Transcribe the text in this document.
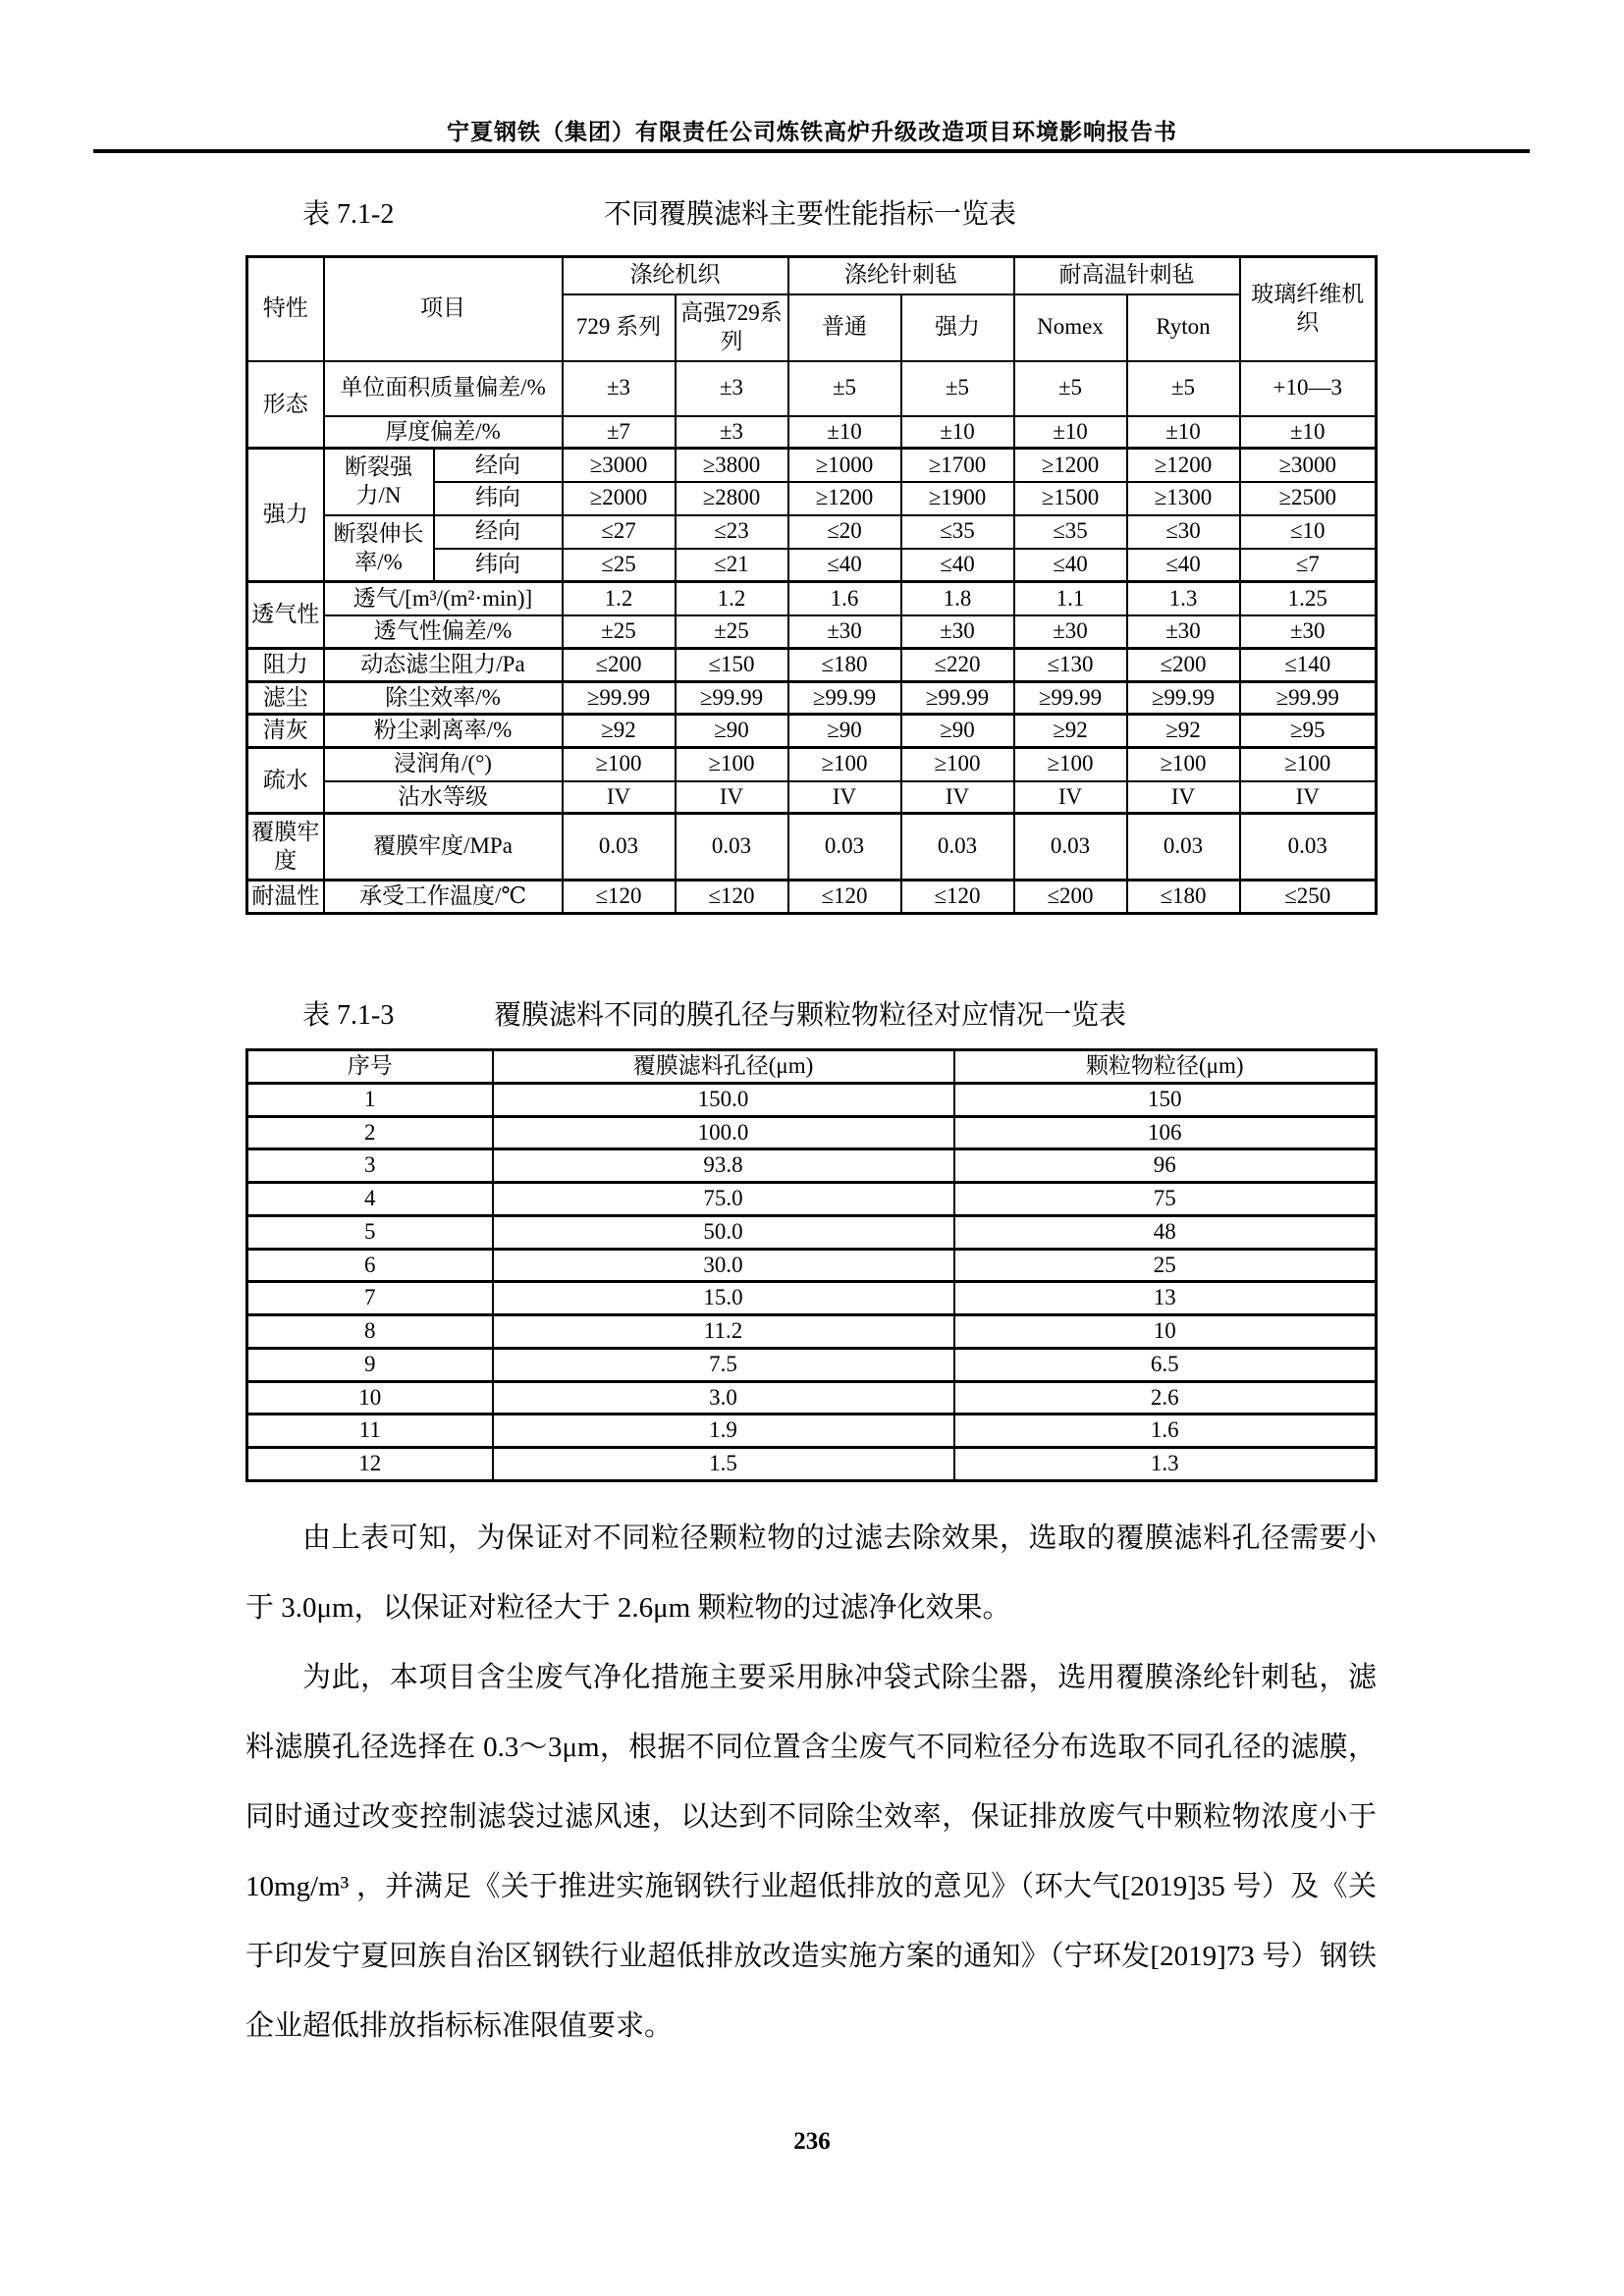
宁夏钢铁（集团）有限责任公司炼铁高炉升级改造项目环境影响报告书
表 7.1-2	不同覆膜滤料主要性能指标一览表
特性	项目		涤纶机织		涤纶针刺毡		耐高温针刺毡		玻璃纤维机织
			729 系列	高强729系列	普通	强力	Nomex	Ryton	
形态	单位面积质量偏差/%		±3	±3	±5	±5	±5	±5	+10—3
	厚度偏差/%		±7	±3	±10	±10	±10	±10	±10
强力	断裂强力/N	经向	≥3000	≥3800	≥1000	≥1700	≥1200	≥1200	≥3000
		纬向	≥2000	≥2800	≥1200	≥1900	≥1500	≥1300	≥2500
	断裂伸长率/%	经向	≤27	≤23	≤20	≤35	≤35	≤30	≤10
		纬向	≤25	≤21	≤40	≤40	≤40	≤40	≤7
透气性	透气/[m³/(m²·min)]		1.2	1.2	1.6	1.8	1.1	1.3	1.25
	透气性偏差/%		±25	±25	±30	±30	±30	±30	±30
阻力	动态滤尘阻力/Pa		≤200	≤150	≤180	≤220	≤130	≤200	≤140
滤尘	除尘效率/%		≥99.99	≥99.99	≥99.99	≥99.99	≥99.99	≥99.99	≥99.99
清灰	粉尘剥离率/%		≥92	≥90	≥90	≥90	≥92	≥92	≥95
疏水	浸润角/(°)		≥100	≥100	≥100	≥100	≥100	≥100	≥100
	沾水等级		IV	IV	IV	IV	IV	IV	IV
覆膜牢度	覆膜牢度/MPa		0.03	0.03	0.03	0.03	0.03	0.03	0.03
耐温性	承受工作温度/℃		≤120	≤120	≤120	≤120	≤200	≤180	≤250
表 7.1-3	覆膜滤料不同的膜孔径与颗粒物粒径对应情况一览表
序号	覆膜滤料孔径(μm)	颗粒物粒径(μm)
1	150.0	150
2	100.0	106
3	93.8	96
4	75.0	75
5	50.0	48
6	30.0	25
7	15.0	13
8	11.2	10
9	7.5	6.5
10	3.0	2.6
11	1.9	1.6
12	1.5	1.3

由上表可知，为保证对不同粒径颗粒物的过滤去除效果，选取的覆膜滤料孔径需要小于 3.0μm，以保证对粒径大于 2.6μm 颗粒物的过滤净化效果。

为此，本项目含尘废气净化措施主要采用脉冲袋式除尘器，选用覆膜涤纶针刺毡，滤料滤膜孔径选择在 0.3～3μm，根据不同位置含尘废气不同粒径分布选取不同孔径的滤膜，同时通过改变控制滤袋过滤风速，以达到不同除尘效率，保证排放废气中颗粒物浓度小于 10mg/m³ ，并满足《关于推进实施钢铁行业超低排放的意见》（环大气[2019]35 号）及《关于印发宁夏回族自治区钢铁行业超低排放改造实施方案的通知》（宁环发[2019]73 号）钢铁企业超低排放指标标准限值要求。

236
